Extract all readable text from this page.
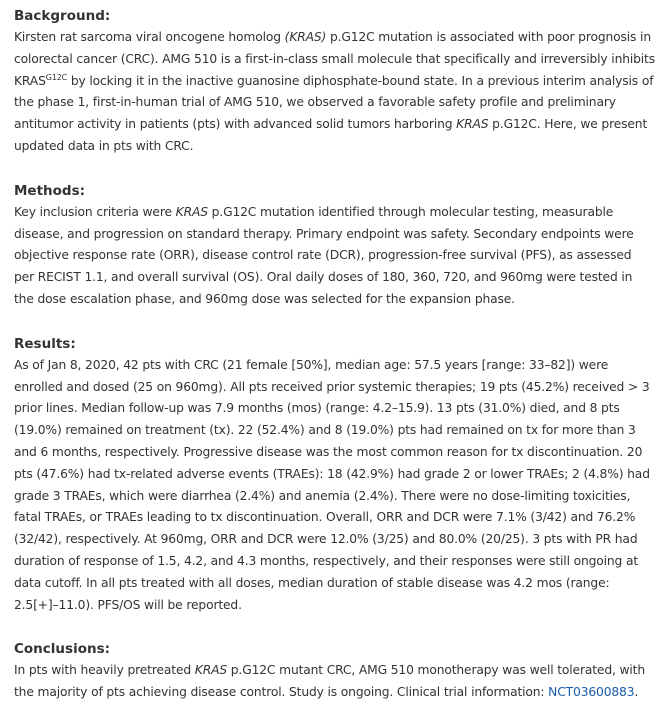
Background:

Kirsten rat sarcoma viral oncogene homolog (KRAS) p.G12C mutation is associated with poor prognosis in colorectal cancer (CRC). AMG 510 is a first-in-class small molecule that specifically and irreversibly inhibits $KRAS^{G12C}$ by locking it in the inactive guanosine diphosphate-bound state. In a previous interim analysis of the phase 1, first-in-human trial of AMG 510, we observed a favorable safety profile and preliminary antitumor activity in patients (pts) with advanced solid tumors harboring KRAS p.G12C. Here, we present updated data in pts with CRC.

Methods:

Key inclusion criteria were KRAS p.G12C mutation identified through molecular testing, measurable disease, and progression on standard therapy. Primary endpoint was safety. Secondary endpoints were objective response rate (ORR), disease control rate (DCR), progression-free survival (PFS), as assessed per RECIST 1.1, and overall survival (OS). Oral daily doses of 180, 360, 720, and 960mg were tested in the dose escalation phase, and 960mg dose was selected for the expansion phase.

Results:

As of Jan 8, 2020, 42 pts with CRC (21 female [50%], median age: 57.5 years [range: 33–82]) were enrolled and dosed (25 on 960mg). All pts received prior systemic therapies; 19 pts (45.2%) received > 3 prior lines. Median follow-up was 7.9 months (mos) (range: 4.2–15.9). 13 pts (31.0%) died, and 8 pts (19.0%) remained on treatment (tx). 22 (52.4%) and 8 (19.0%) pts had remained on tx for more than 3 and 6 months, respectively. Progressive disease was the most common reason for tx discontinuation. 20 pts (47.6%) had tx-related adverse events (TRAEs): 18 (42.9%) had grade 2 or lower TRAEs; 2 (4.8%) had grade 3 TRAEs, which were diarrhea (2.4%) and anemia (2.4%). There were no dose-limiting toxicities, fatal TRAEs, or TRAEs leading to tx discontinuation. Overall, ORR and DCR were 7.1% (3/42) and 76.2% (32/42), respectively. At 960mg, ORR and DCR were 12.0% (3/25) and 80.0% (20/25). 3 pts with PR had duration of response of 1.5, 4.2, and 4.3 months, respectively, and their responses were still ongoing at data cutoff. In all pts treated with all doses, median duration of stable disease was 4.2 mos (range: 2.5[+]–11.0). PFS/OS will be reported.

Conclusions:

In pts with heavily pretreated KRAS p.G12C mutant CRC, AMG 510 monotherapy was well tolerated, with the majority of pts achieving disease control. Study is ongoing. Clinical trial information: NCT03600883.
